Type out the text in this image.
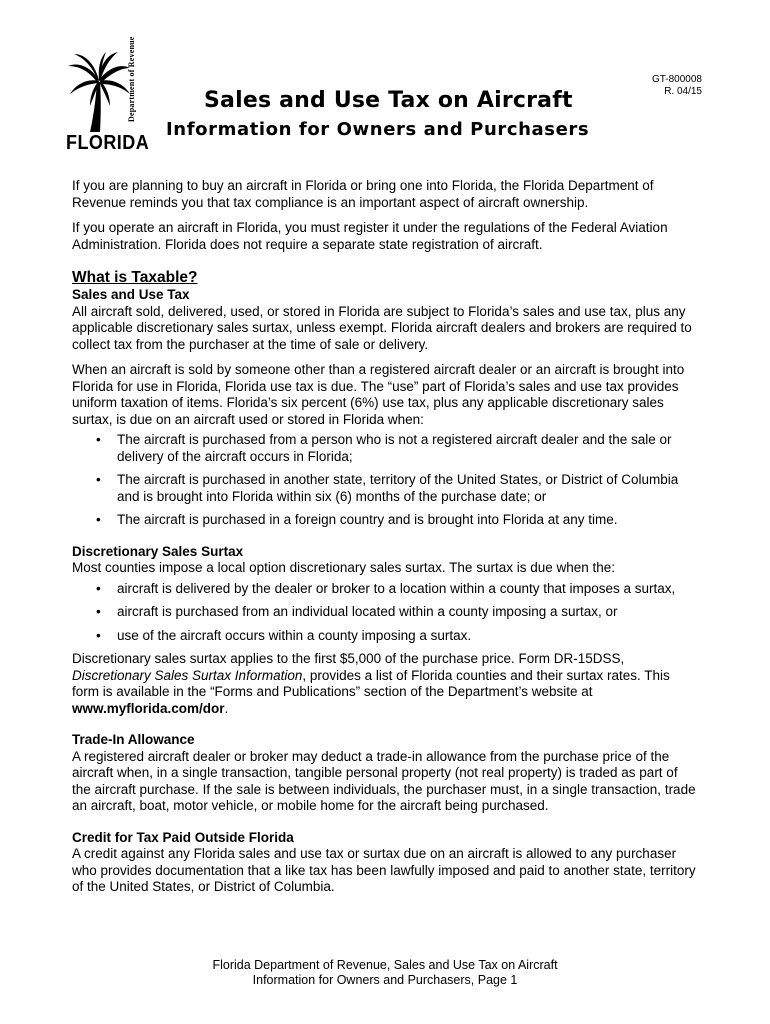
Department of Revenue
FLORIDA
GT-800008
R. 04/15
Sales and Use Tax on Aircraft
Information for Owners and Purchasers

If you are planning to buy an aircraft in Florida or bring one into Florida, the Florida Department of Revenue reminds you that tax compliance is an important aspect of aircraft ownership.

If you operate an aircraft in Florida, you must register it under the regulations of the Federal Aviation Administration. Florida does not require a separate state registration of aircraft.

What is Taxable?
Sales and Use Tax

All aircraft sold, delivered, used, or stored in Florida are subject to Florida’s sales and use tax, plus any applicable discretionary sales surtax, unless exempt. Florida aircraft dealers and brokers are required to collect tax from the purchaser at the time of sale or delivery.

When an aircraft is sold by someone other than a registered aircraft dealer or an aircraft is brought into Florida for use in Florida, Florida use tax is due. The “use” part of Florida’s sales and use tax provides uniform taxation of items. Florida’s six percent (6%) use tax, plus any applicable discretionary sales surtax, is due on an aircraft used or stored in Florida when:

• The aircraft is purchased from a person who is not a registered aircraft dealer and the sale or delivery of the aircraft occurs in Florida;
• The aircraft is purchased in another state, territory of the United States, or District of Columbia and is brought into Florida within six (6) months of the purchase date; or
• The aircraft is purchased in a foreign country and is brought into Florida at any time.
Discretionary Sales Surtax

Most counties impose a local option discretionary sales surtax. The surtax is due when the:

• aircraft is delivered by the dealer or broker to a location within a county that imposes a surtax,
• aircraft is purchased from an individual located within a county imposing a surtax, or
• use of the aircraft occurs within a county imposing a surtax.

Discretionary sales surtax applies to the first $5,000 of the purchase price. Form DR-15DSS, Discretionary Sales Surtax Information, provides a list of Florida counties and their surtax rates. This form is available in the “Forms and Publications” section of the Department’s website at www.myflorida.com/dor.

Trade-In Allowance

A registered aircraft dealer or broker may deduct a trade-in allowance from the purchase price of the aircraft when, in a single transaction, tangible personal property (not real property) is traded as part of the aircraft purchase. If the sale is between individuals, the purchaser must, in a single transaction, trade an aircraft, boat, motor vehicle, or mobile home for the aircraft being purchased.

Credit for Tax Paid Outside Florida

A credit against any Florida sales and use tax or surtax due on an aircraft is allowed to any purchaser who provides documentation that a like tax has been lawfully imposed and paid to another state, territory of the United States, or District of Columbia.

Florida Department of Revenue, Sales and Use Tax on Aircraft
Information for Owners and Purchasers, Page 1
